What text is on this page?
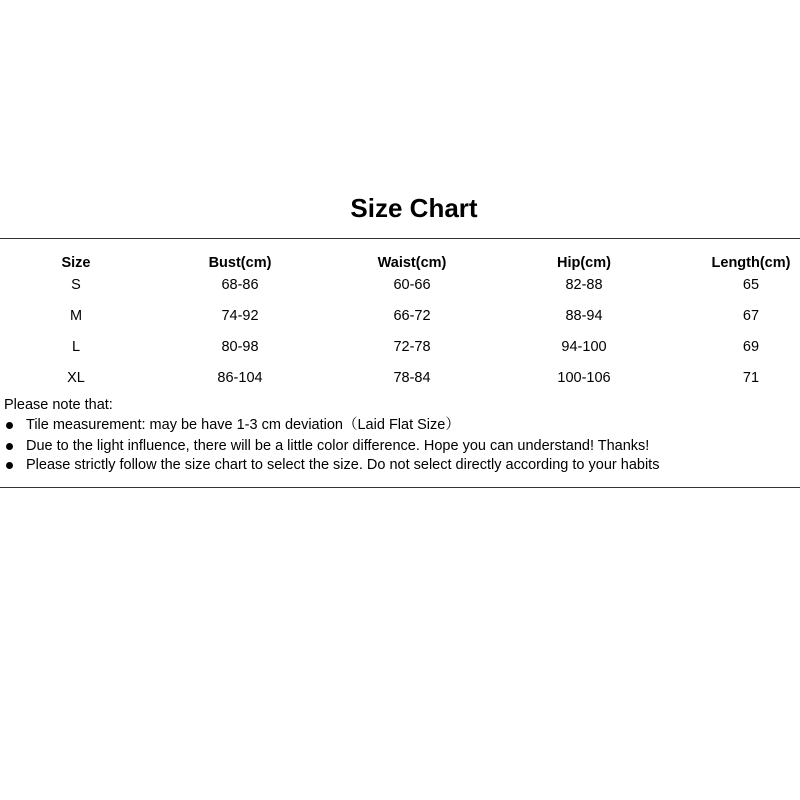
Size Chart
Size	Bust(cm)	Waist(cm)	Hip(cm)	Length(cm)
S	68-86	60-66	82-88	65
M	74-92	66-72	88-94	67
L	80-98	72-78	94-100	69
XL	86-104	78-84	100-106	71
Please note that:
Tile measurement: may be have 1-3 cm deviation（Laid Flat Size）
Due to the light influence, there will be a little color difference. Hope you can understand! Thanks!
Please strictly follow the size chart to select the size. Do not select directly according to your habits
